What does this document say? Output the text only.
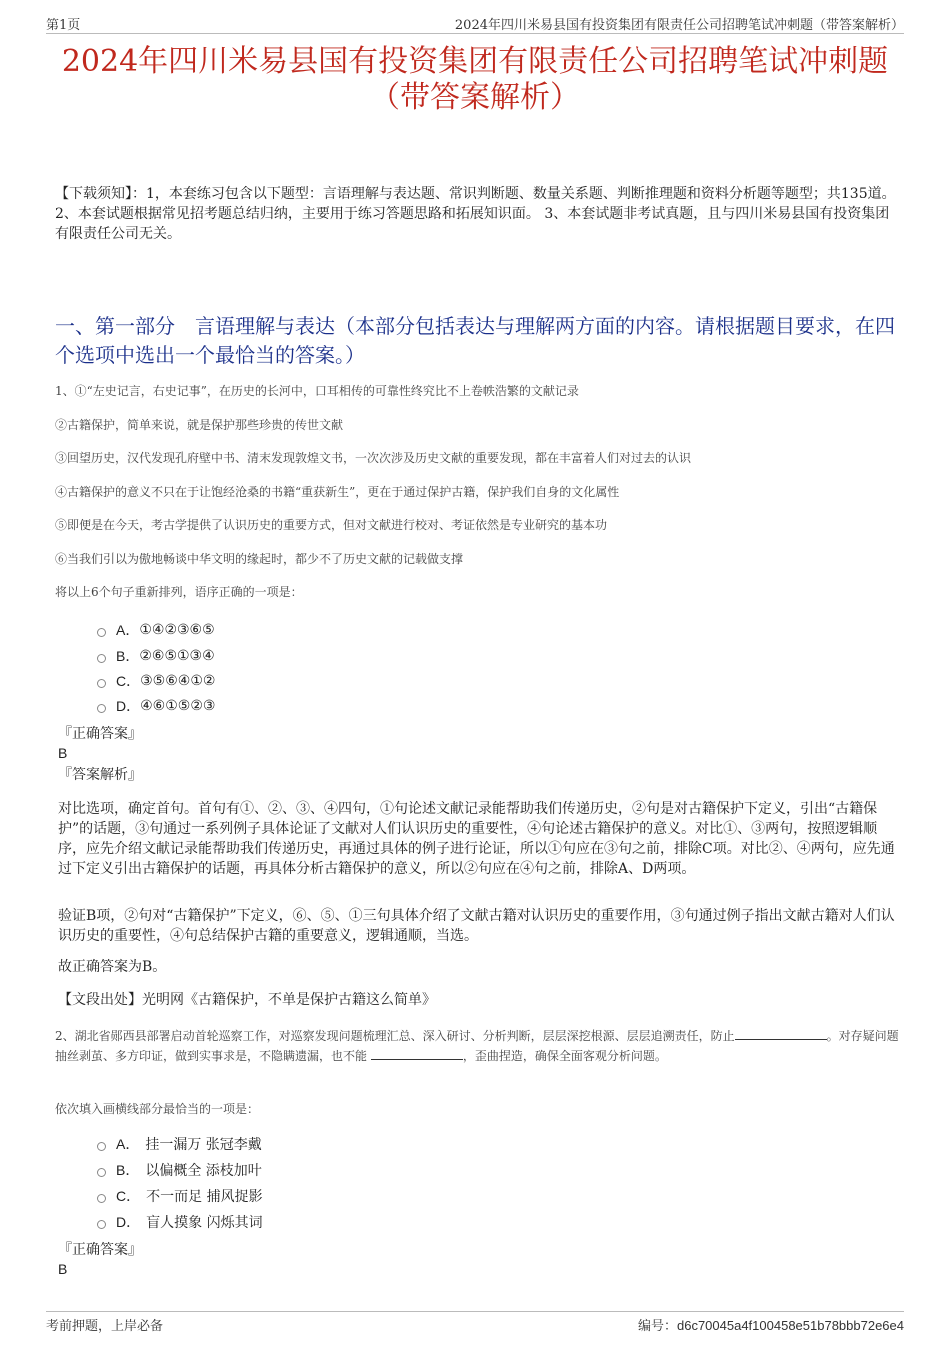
第1页	2024年四川米易县国有投资集团有限责任公司招聘笔试冲刺题（带答案解析）
2024年四川米易县国有投资集团有限责任公司招聘笔试冲刺题
（带答案解析）
【下载须知】：1，本套练习包含以下题型：言语理解与表达题、常识判断题、数量关系题、判断推理题和资料分析题等题型；共135道。 2、本套试题根据常见招考题总结归纳，主要用于练习答题思路和拓展知识面。 3、本套试题非考试真题，且与四川米易县国有投资集团有限责任公司无关。
一、第一部分　言语理解与表达（本部分包括表达与理解两方面的内容。请根据题目要求，在四个选项中选出一个最恰当的答案。）
1、①“左史记言，右史记事”，在历史的长河中，口耳相传的可靠性终究比不上卷帙浩繁的文献记录
②古籍保护，简单来说，就是保护那些珍贵的传世文献
③回望历史，汉代发现孔府壁中书、清末发现敦煌文书，一次次涉及历史文献的重要发现，都在丰富着人们对过去的认识
④古籍保护的意义不只在于让饱经沧桑的书籍“重获新生”，更在于通过保护古籍，保护我们自身的文化属性
⑤即便是在今天，考古学提供了认识历史的重要方式，但对文献进行校对、考证依然是专业研究的基本功
⑥当我们引以为傲地畅谈中华文明的缘起时，都少不了历史文献的记载做支撑
将以上6个句子重新排列，语序正确的一项是：
A． ①④②③⑥⑤
B． ②⑥⑤①③④
C． ③⑤⑥④①②
D． ④⑥①⑤②③
『正确答案』
B
『答案解析』
对比选项，确定首句。首句有①、②、③、④四句，①句论述文献记录能帮助我们传递历史，②句是对古籍保护下定义，引出“古籍保护”的话题，③句通过一系列例子具体论证了文献对人们认识历史的重要性，④句论述古籍保护的意义。对比①、③两句，按照逻辑顺序，应先介绍文献记录能帮助我们传递历史，再通过具体的例子进行论证，所以①句应在③句之前，排除C项。对比②、④两句，应先通过下定义引出古籍保护的话题，再具体分析古籍保护的意义，所以②句应在④句之前，排除A、D两项。
验证B项，②句对“古籍保护”下定义，⑥、⑤、①三句具体介绍了文献古籍对认识历史的重要作用，③句通过例子指出文献古籍对人们认识历史的重要性，④句总结保护古籍的重要意义，逻辑通顺，当选。
故正确答案为B。
【文段出处】光明网《古籍保护，不单是保护古籍这么简单》
2、湖北省郧西县部署启动首轮巡察工作，对巡察发现问题梳理汇总、深入研讨、分析判断，层层深挖根源、层层追溯责任，防止	。对存疑问题抽丝剥茧、多方印证，做到实事求是，不隐瞒遗漏，也不能	，歪曲捏造，确保全面客观分析问题。
依次填入画横线部分最恰当的一项是：
A． 挂一漏万 张冠李戴
B． 以偏概全 添枝加叶
C． 不一而足 捕风捉影
D． 盲人摸象 闪烁其词
『正确答案』
B
考前押题，上岸必备	编号：d6c70045a4f100458e51b78bbb72e6e4
